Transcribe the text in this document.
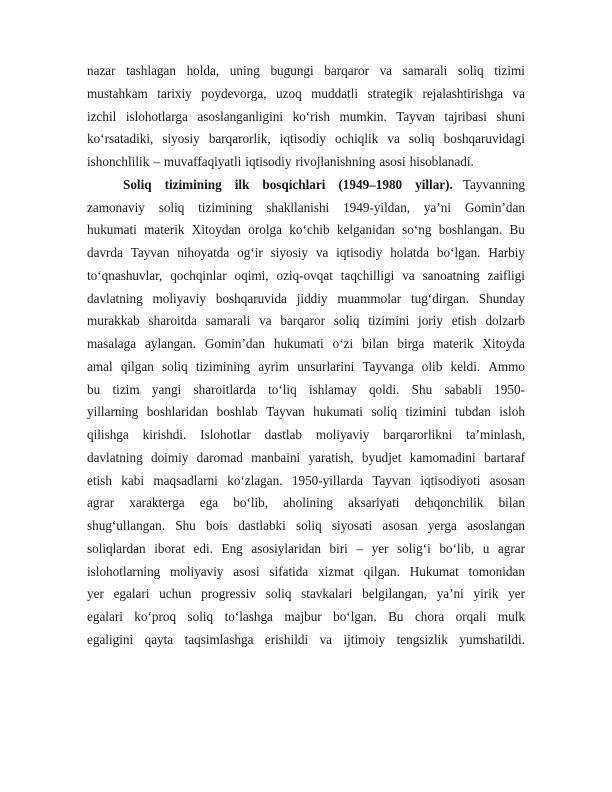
nazar tashlagan holda, uning bugungi barqaror va samarali soliq tizimi
mustahkam tarixiy poydevorga, uzoq muddatli strategik rejalashtirishga va
izchil islohotlarga asoslanganligini ko‘rish mumkin. Tayvan tajribasi shuni
ko‘rsatadiki, siyosiy barqarorlik, iqtisodiy ochiqlik va soliq boshqaruvidagi
ishonchlilik – muvaffaqiyatli iqtisodiy rivojlanishning asosi hisoblanadi.
Soliq tizimining ilk bosqichlari (1949–1980 yillar). Tayvanning
zamonaviy soliq tizimining shakllanishi 1949-yildan, ya’ni Gomin’dan
hukumati materik Xitoydan orolga ko‘chib kelganidan so‘ng boshlangan. Bu
davrda Tayvan nihoyatda og‘ir siyosiy va iqtisodiy holatda bo‘lgan. Harbiy
to‘qnashuvlar, qochqinlar oqimi, oziq-ovqat taqchilligi va sanoatning zaifligi
davlatning moliyaviy boshqaruvida jiddiy muammolar tug‘dirgan. Shunday
murakkab sharoitda samarali va barqaror soliq tizimini joriy etish dolzarb
masalaga aylangan. Gomin’dan hukumati o‘zi bilan birga materik Xitoyda
amal qilgan soliq tizimining ayrim unsurlarini Tayvanga olib keldi. Ammo
bu tizim yangi sharoitlarda to‘liq ishlamay qoldi. Shu sababli 1950-
yillarning boshlaridan boshlab Tayvan hukumati soliq tizimini tubdan isloh
qilishga kirishdi. Islohotlar dastlab moliyaviy barqarorlikni ta’minlash,
davlatning doimiy daromad manbaini yaratish, byudjet kamomadini bartaraf
etish kabi maqsadlarni ko‘zlagan. 1950-yillarda Tayvan iqtisodiyoti asosan
agrar xarakterga ega bo‘lib, aholining aksariyati dehqonchilik bilan
shug‘ullangan. Shu bois dastlabki soliq siyosati asosan yerga asoslangan
soliqlardan iborat edi. Eng asosiylaridan biri – yer solig‘i bo‘lib, u agrar
islohotlarning moliyaviy asosi sifatida xizmat qilgan. Hukumat tomonidan
yer egalari uchun progressiv soliq stavkalari belgilangan, ya’ni yirik yer
egalari ko‘proq soliq to‘lashga majbur bo‘lgan. Bu chora orqali mulk
egaligini qayta taqsimlashga erishildi va ijtimoiy tengsizlik yumshatildi.
